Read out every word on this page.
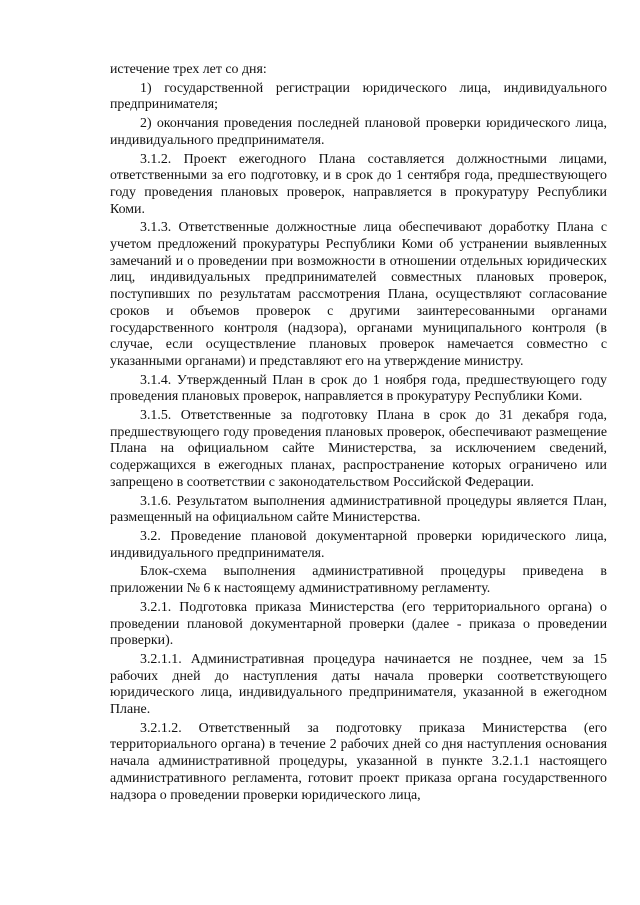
истечение трех лет со дня:

1) государственной регистрации юридического лица, индивидуального предпринимателя;

2) окончания проведения последней плановой проверки юридического лица, индивидуального предпринимателя.

3.1.2. Проект ежегодного Плана составляется должностными лицами, ответственными за его подготовку, и в срок до 1 сентября года, предшествующего году проведения плановых проверок, направляется в прокуратуру Республики Коми.

3.1.3. Ответственные должностные лица обеспечивают доработку Плана с учетом предложений прокуратуры Республики Коми об устранении выявленных замечаний и о проведении при возможности в отношении отдельных юридических лиц, индивидуальных предпринимателей совместных плановых проверок, поступивших по результатам рассмотрения Плана, осуществляют согласование сроков и объемов проверок с другими заинтересованными органами государственного контроля (надзора), органами муниципального контроля (в случае, если осуществление плановых проверок намечается совместно с указанными органами) и представляют его на утверждение министру.

3.1.4. Утвержденный План в срок до 1 ноября года, предшествующего году проведения плановых проверок, направляется в прокуратуру Республики Коми.

3.1.5. Ответственные за подготовку Плана в срок до 31 декабря года, предшествующего году проведения плановых проверок, обеспечивают размещение Плана на официальном сайте Министерства, за исключением сведений, содержащихся в ежегодных планах, распространение которых ограничено или запрещено в соответствии с законодательством Российской Федерации.

3.1.6. Результатом выполнения административной процедуры является План, размещенный на официальном сайте Министерства.

3.2. Проведение плановой документарной проверки юридического лица, индивидуального предпринимателя.

Блок-схема выполнения административной процедуры приведена в приложении № 6 к настоящему административному регламенту.

3.2.1. Подготовка приказа Министерства (его территориального органа) о проведении плановой документарной проверки (далее - приказа о проведении проверки).

3.2.1.1. Административная процедура начинается не позднее, чем за 15 рабочих дней до наступления даты начала проверки соответствующего юридического лица, индивидуального предпринимателя, указанной в ежегодном Плане.

3.2.1.2. Ответственный за подготовку приказа Министерства (его территориального органа) в течение 2 рабочих дней со дня наступления основания начала административной процедуры, указанной в пункте 3.2.1.1 настоящего административного регламента, готовит проект приказа органа государственного надзора о проведении проверки юридического лица,
